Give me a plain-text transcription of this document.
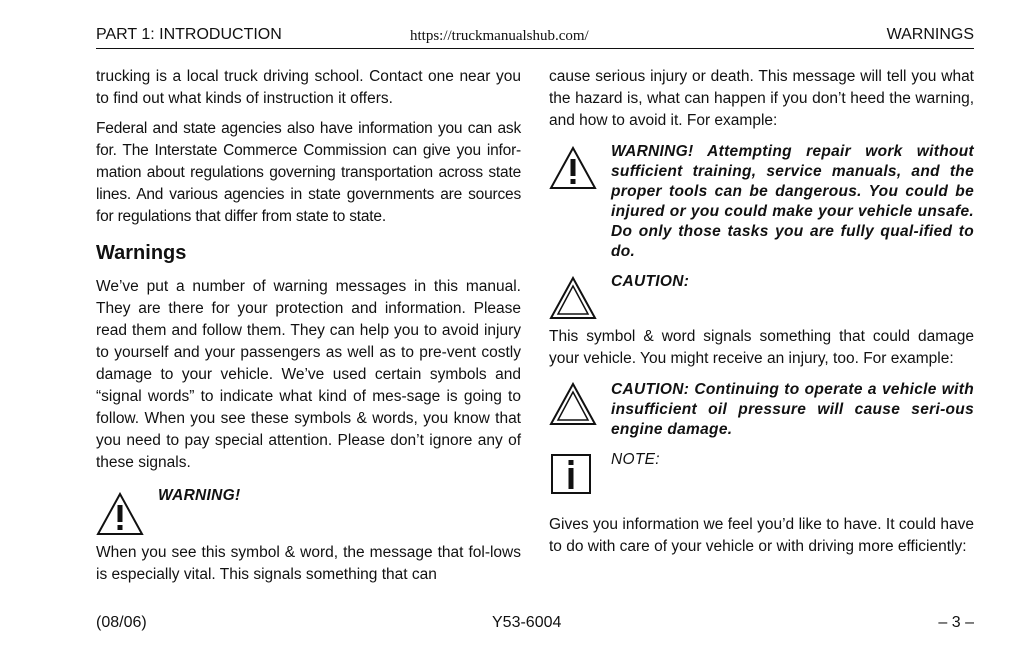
PART 1: INTRODUCTION	https://truckmanualshub.com/	WARNINGS

trucking is a local truck driving school. Contact one near you to find out what kinds of instruction it offers.

Federal and state agencies also have information you can ask for. The Interstate Commerce Commission can give you infor-mation about regulations governing transportation across state lines. And various agencies in state governments are sources for regulations that differ from state to state.

Warnings

We’ve put a number of warning messages in this manual. They are there for your protection and information. Please read them and follow them. They can help you to avoid injury to yourself and your passengers as well as to pre-vent costly damage to your vehicle. We’ve used certain symbols and “signal words” to indicate what kind of mes-sage is going to follow. When you see these symbols & words, you know that you need to pay special attention. Please don’t ignore any of these signals.

WARNING!

When you see this symbol & word, the message that fol-lows is especially vital. This signals something that can

cause serious injury or death. This message will tell you what the hazard is, what can happen if you don’t heed the warning, and how to avoid it. For example:

WARNING! Attempting repair work without sufficient training, service manuals, and the proper tools can be dangerous. You could be injured or you could make your vehicle unsafe. Do only those tasks you are fully qual-ified to do.
CAUTION:

This symbol & word signals something that could damage your vehicle. You might receive an injury, too. For example:

CAUTION: Continuing to operate a vehicle with insufficient oil pressure will cause seri-ous engine damage.
NOTE:

Gives you information we feel you’d like to have. It could have to do with care of your vehicle or with driving more efficiently:

(08/06)	Y53-6004	– 3 –
